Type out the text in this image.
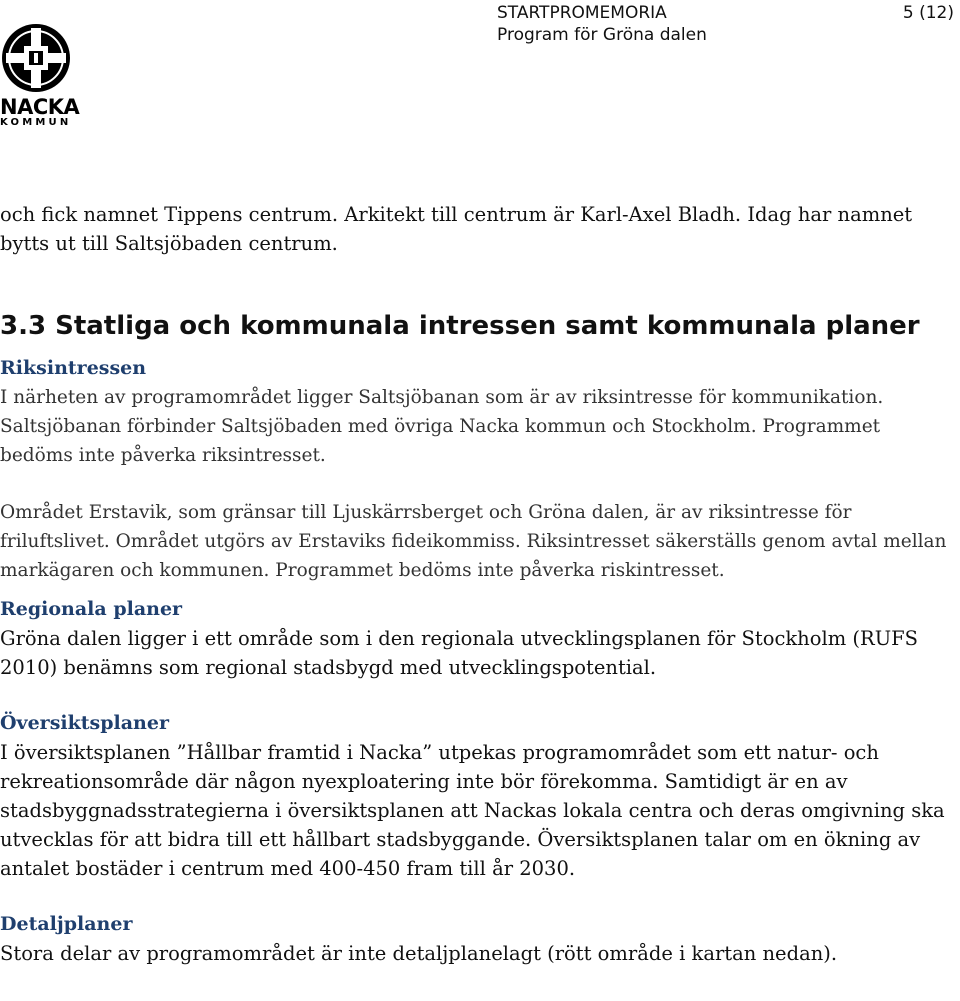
NACKA
KOMMUN
STARTPROMEMORIA
Program för Gröna dalen
5 (12)

och fick namnet Tippens centrum. Arkitekt till centrum är Karl-Axel Bladh. Idag har namnet bytts ut till Saltsjöbaden centrum.

3.3 Statliga och kommunala intressen samt kommunala planer
Riksintressen

I närheten av programområdet ligger Saltsjöbanan som är av riksintresse för kommunikation. Saltsjöbanan förbinder Saltsjöbaden med övriga Nacka kommun och Stockholm. Programmet bedöms inte påverka riksintresset.

Området Erstavik, som gränsar till Ljuskärrsberget och Gröna dalen, är av riksintresse för friluftslivet. Området utgörs av Erstaviks fideikommiss. Riksintresset säkerställs genom avtal mellan markägaren och kommunen. Programmet bedöms inte påverka riskintresset.

Regionala planer

Gröna dalen ligger i ett område som i den regionala utvecklingsplanen för Stockholm (RUFS 2010) benämns som regional stadsbygd med utvecklingspotential.

Översiktsplaner

I översiktsplanen ”Hållbar framtid i Nacka” utpekas programområdet som ett natur- och rekreationsområde där någon nyexploatering inte bör förekomma. Samtidigt är en av stadsbyggnadsstrategierna i översiktsplanen att Nackas lokala centra och deras omgivning ska utvecklas för att bidra till ett hållbart stadsbyggande. Översiktsplanen talar om en ökning av antalet bostäder i centrum med 400-450 fram till år 2030.

Detaljplaner

Stora delar av programområdet är inte detaljplanelagt (rött område i kartan nedan).
